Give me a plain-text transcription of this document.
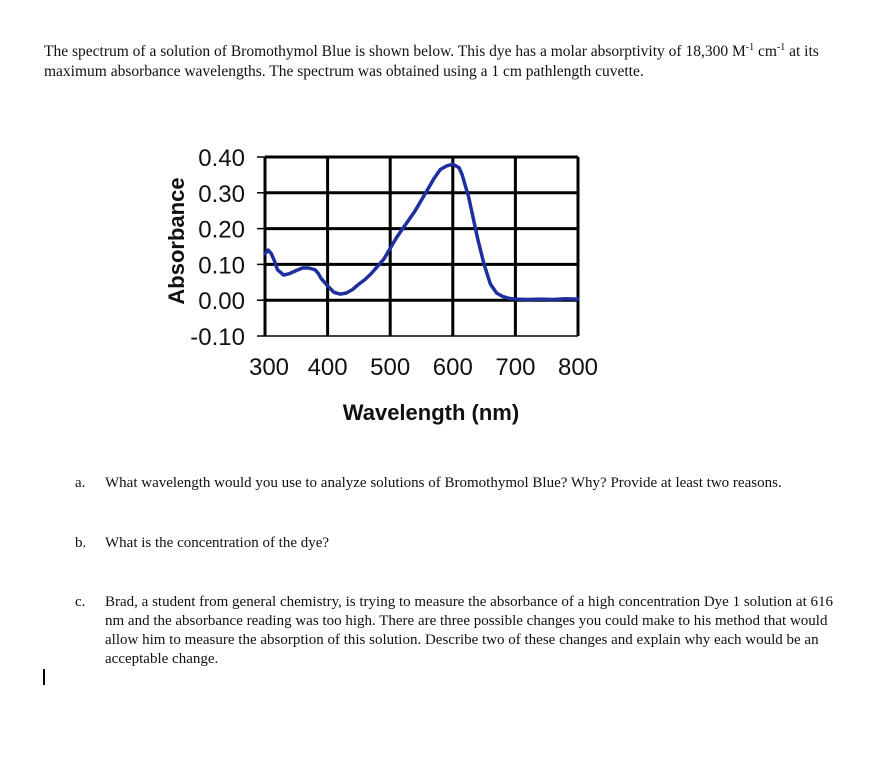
The spectrum of a solution of Bromothymol Blue is shown below. This dye has a molar absorptivity of 18,300 $M^{-1}$ $cm^{-1}$ at its maximum absorbance wavelengths. The spectrum was obtained using a 1 cm pathlength cuvette.
0.40
0.30
0.20
0.10
0.00
-0.10
300 400 500 600 700 800
Wavelength (nm)
Absorbance
a.	What wavelength would you use to analyze solutions of Bromothymol Blue? Why? Provide at least two reasons.
b.	What is the concentration of the dye?
c.	Brad, a student from general chemistry, is trying to measure the absorbance of a high concentration Dye 1 solution at 616 nm and the absorbance reading was too high. There are three possible changes you could make to his method that would allow him to measure the absorption of this solution. Describe two of these changes and explain why each would be an acceptable change.
